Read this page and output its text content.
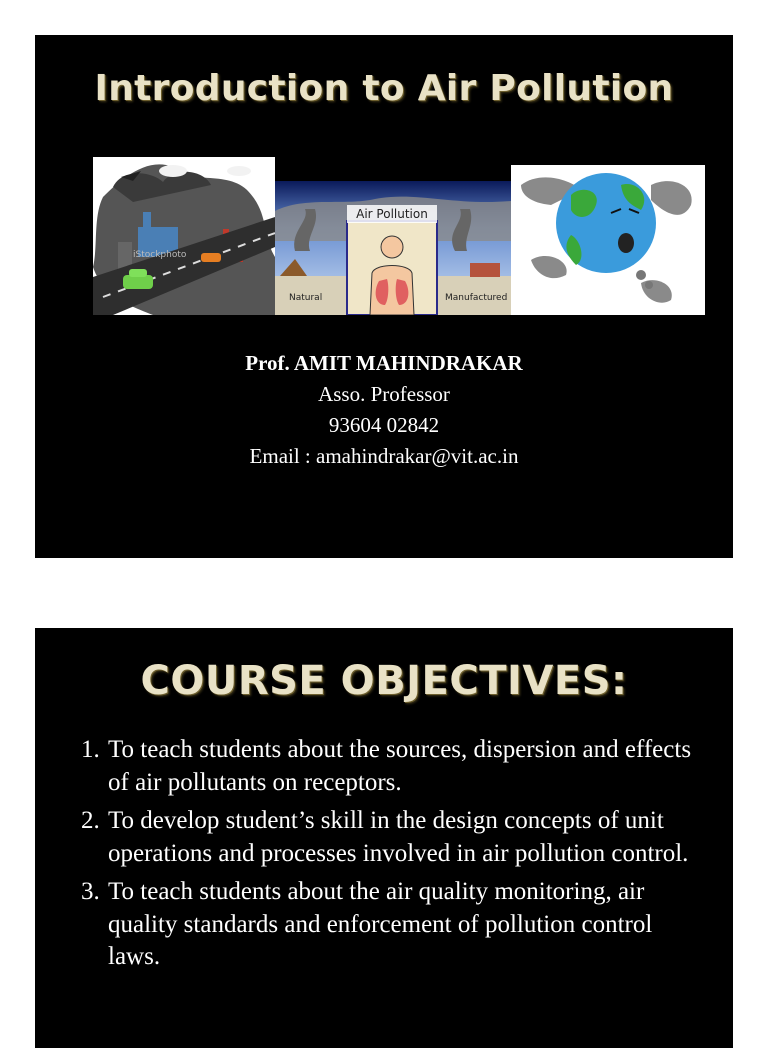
Introduction to Air Pollution
iStockphoto
Air Pollution
Natural	Manufactured
Prof. AMIT MAHINDRAKAR
Asso. Professor
93604 02842
Email : amahindrakar@vit.ac.in
COURSE OBJECTIVES:
1. To teach students about the sources, dispersion and effects of air pollutants on receptors.
2. To develop student’s skill in the design concepts of unit operations and processes involved in air pollution control.
3. To teach students about the air quality monitoring, air quality standards and enforcement of pollution control laws.
